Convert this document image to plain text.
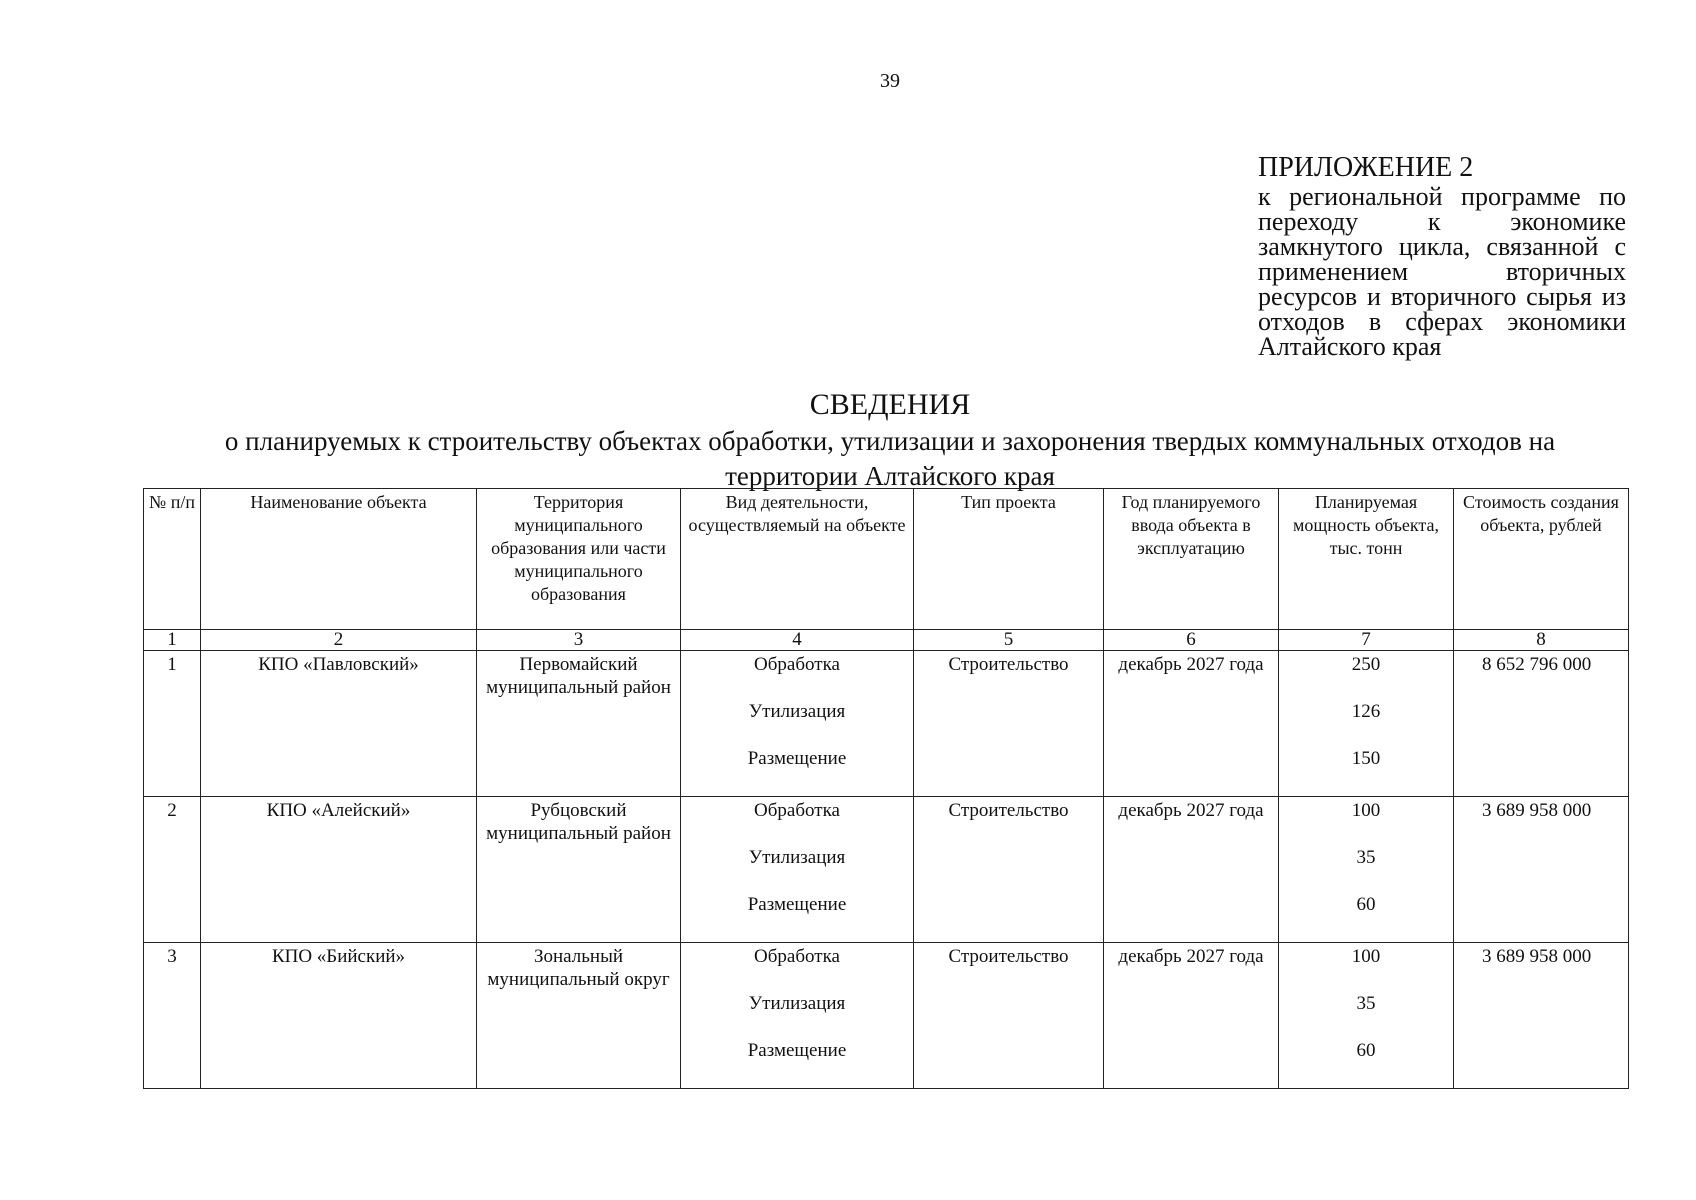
39
ПРИЛОЖЕНИЕ 2
к региональной программе по переходу к экономике замкнутого цикла, связанной с применением вторичных ресурсов и вторичного сырья из отходов в сферах экономики Алтайского края
СВЕДЕНИЯ
о планируемых к строительству объектах обработки, утилизации и захоронения твердых коммунальных отходов на территории Алтайского края
№ п/п	Наименование объекта	Территория муниципального образования или части муниципального образования	Вид деятельности, осуществляемый на объекте	Тип проекта	Год планируемого ввода объекта в эксплуатацию	Планируемая мощность объекта, тыс. тонн	Стоимость создания объекта, рублей
1	2	3	4	5	6	7	8
1	КПО «Павловский»	Первомайский муниципальный район	Обработка
Утилизация
Размещение	Строительство	декабрь 2027 года	250
126
150	8 652 796 000
2	КПО «Алейский»	Рубцовский муниципальный район	Обработка
Утилизация
Размещение	Строительство	декабрь 2027 года	100
35
60	3 689 958 000
3	КПО «Бийский»	Зональный муниципальный округ	Обработка
Утилизация
Размещение	Строительство	декабрь 2027 года	100
35
60	3 689 958 000
